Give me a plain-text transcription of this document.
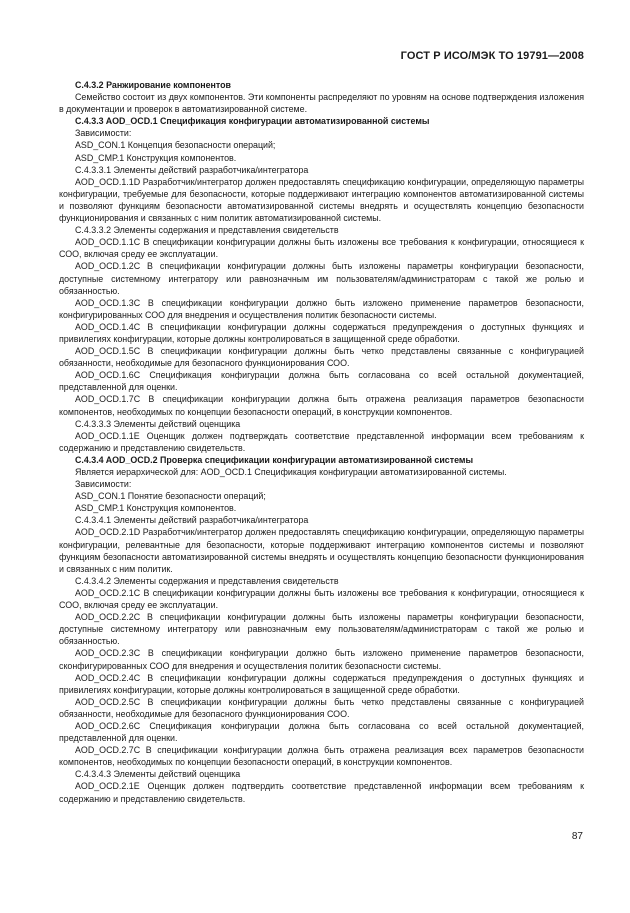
ГОСТ Р ИСО/МЭК ТО 19791—2008

C.4.3.2 Ранжирование компонентов

Семейство состоит из двух компонентов. Эти компоненты распределяют по уровням на основе подтверждения изложения в документации и проверок в автоматизированной системе.

C.4.3.3 AOD_OCD.1 Спецификация конфигурации автоматизированной системы

Зависимости:

ASD_CON.1 Концепция безопасности операций;

ASD_CMP.1 Конструкция компонентов.

C.4.3.3.1 Элементы действий разработчика/интегратора

AOD_OCD.1.1D Разработчик/интегратор должен предоставлять спецификацию конфигурации, определяющую параметры конфигурации, требуемые для безопасности, которые поддерживают интеграцию компонентов автоматизированной системы и позволяют функциям безопасности автоматизированной системы внедрять и осуществлять концепцию безопасности функционирования и связанных с ним политик автоматизированной системы.

C.4.3.3.2 Элементы содержания и представления свидетельств

AOD_OCD.1.1C В спецификации конфигурации должны быть изложены все требования к конфигурации, относящиеся к СОО, включая среду ее эксплуатации.

AOD_OCD.1.2C В спецификации конфигурации должны быть изложены параметры конфигурации безопасности, доступные системному интегратору или равнозначным им пользователям/администраторам с такой же ролью и обязанностью.

AOD_OCD.1.3C В спецификации конфигурации должно быть изложено применение параметров безопасности, конфигурированных СОО для внедрения и осуществления политик безопасности системы.

AOD_OCD.1.4C В спецификации конфигурации должны содержаться предупреждения о доступных функциях и привилегиях конфигурации, которые должны контролироваться в защищенной среде обработки.

AOD_OCD.1.5C В спецификации конфигурации должны быть четко представлены связанные с конфигурацией обязанности, необходимые для безопасного функционирования СОО.

AOD_OCD.1.6C Спецификация конфигурации должна быть согласована со всей остальной документацией, представленной для оценки.

AOD_OCD.1.7C В спецификации конфигурации должна быть отражена реализация параметров безопасности компонентов, необходимых по концепции безопасности операций, в конструкции компонентов.

C.4.3.3.3 Элементы действий оценщика

AOD_OCD.1.1E Оценщик должен подтверждать соответствие представленной информации всем требованиям к содержанию и представлению свидетельств.

C.4.3.4 AOD_OCD.2 Проверка спецификации конфигурации автоматизированной системы

Является иерархической для: AOD_OCD.1 Спецификация конфигурации автоматизированной системы.

Зависимости:

ASD_CON.1 Понятие безопасности операций;

ASD_CMP.1 Конструкция компонентов.

C.4.3.4.1 Элементы действий разработчика/интегратора

AOD_OCD.2.1D Разработчик/интегратор должен предоставлять спецификацию конфигурации, определяющую параметры конфигурации, релевантные для безопасности, которые поддерживают интеграцию компонентов системы и позволяют функциям безопасности автоматизированной системы внедрять и осуществлять концепцию безопасности функционирования и связанных с ним политик.

C.4.3.4.2 Элементы содержания и представления свидетельств

AOD_OCD.2.1C В спецификации конфигурации должны быть изложены все требования к конфигурации, относящиеся к СОО, включая среду ее эксплуатации.

AOD_OCD.2.2C В спецификации конфигурации должны быть изложены параметры конфигурации безопасности, доступные системному интегратору или равнозначным ему пользователям/администраторам с такой же ролью и обязанностью.

AOD_OCD.2.3C В спецификации конфигурации должно быть изложено применение параметров безопасности, сконфигурированных СОО для внедрения и осуществления политик безопасности системы.

AOD_OCD.2.4C В спецификации конфигурации должны содержаться предупреждения о доступных функциях и привилегиях конфигурации, которые должны контролироваться в защищенной среде обработки.

AOD_OCD.2.5C В спецификации конфигурации должны быть четко представлены связанные с конфигурацией обязанности, необходимые для безопасного функционирования СОО.

AOD_OCD.2.6C Спецификация конфигурации должна быть согласована со всей остальной документацией, представленной для оценки.

AOD_OCD.2.7C В спецификации конфигурации должна быть отражена реализация всех параметров безопасности компонентов, необходимых по концепции безопасности операций, в конструкции компонентов.

C.4.3.4.3 Элементы действий оценщика

AOD_OCD.2.1E Оценщик должен подтвердить соответствие представленной информации всем требованиям к содержанию и представлению свидетельств.

87
